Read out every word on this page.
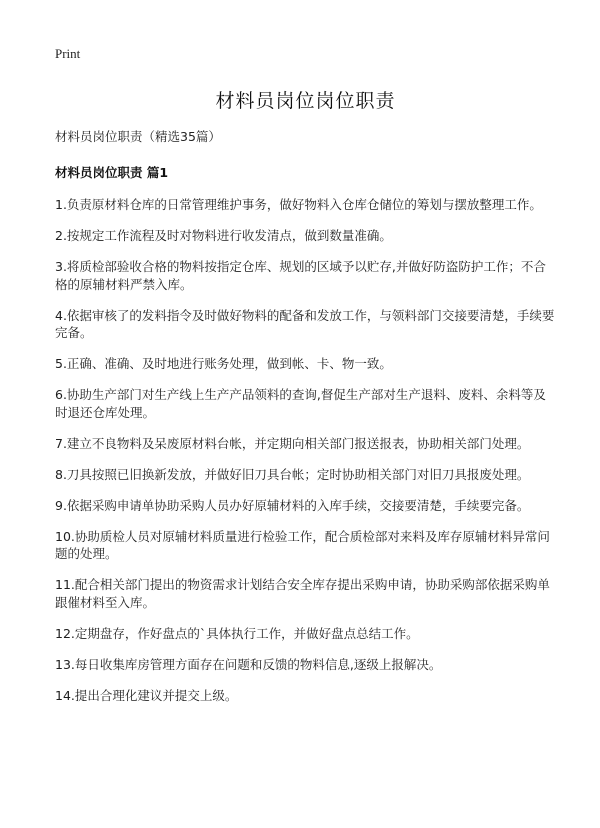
Print

材料员岗位岗位职责

材料员岗位职责（精选35篇）

材料员岗位职责 篇1
1.负责原材料仓库的日常管理维护事务，做好物料入仓库仓储位的筹划与摆放整理工作。
2.按规定工作流程及时对物料进行收发清点，做到数量准确。
3.将质检部验收合格的物料按指定仓库、规划的区域予以贮存,并做好防盗防护工作；不合格的原辅材料严禁入库。
4.依据审核了的发料指令及时做好物料的配备和发放工作，与领料部门交接要清楚，手续要完备。
5.正确、准确、及时地进行账务处理，做到帐、卡、物一致。
6.协助生产部门对生产线上生产产品领料的查询,督促生产部对生产退料、废料、余料等及时退还仓库处理。
7.建立不良物料及呆废原材料台帐，并定期向相关部门报送报表，协助相关部门处理。
8.刀具按照已旧换新发放，并做好旧刀具台帐；定时协助相关部门对旧刀具报废处理。
9.依据采购申请单协助采购人员办好原辅材料的入库手续，交接要清楚，手续要完备。
10.协助质检人员对原辅材料质量进行检验工作，配合质检部对来料及库存原辅材料异常问题的处理。
11.配合相关部门提出的物资需求计划结合安全库存提出采购申请，协助采购部依据采购单跟催材料至入库。
12.定期盘存，作好盘点的`具体执行工作，并做好盘点总结工作。
13.每日收集库房管理方面存在问题和反馈的物料信息,逐级上报解决。
14.提出合理化建议并提交上级。
